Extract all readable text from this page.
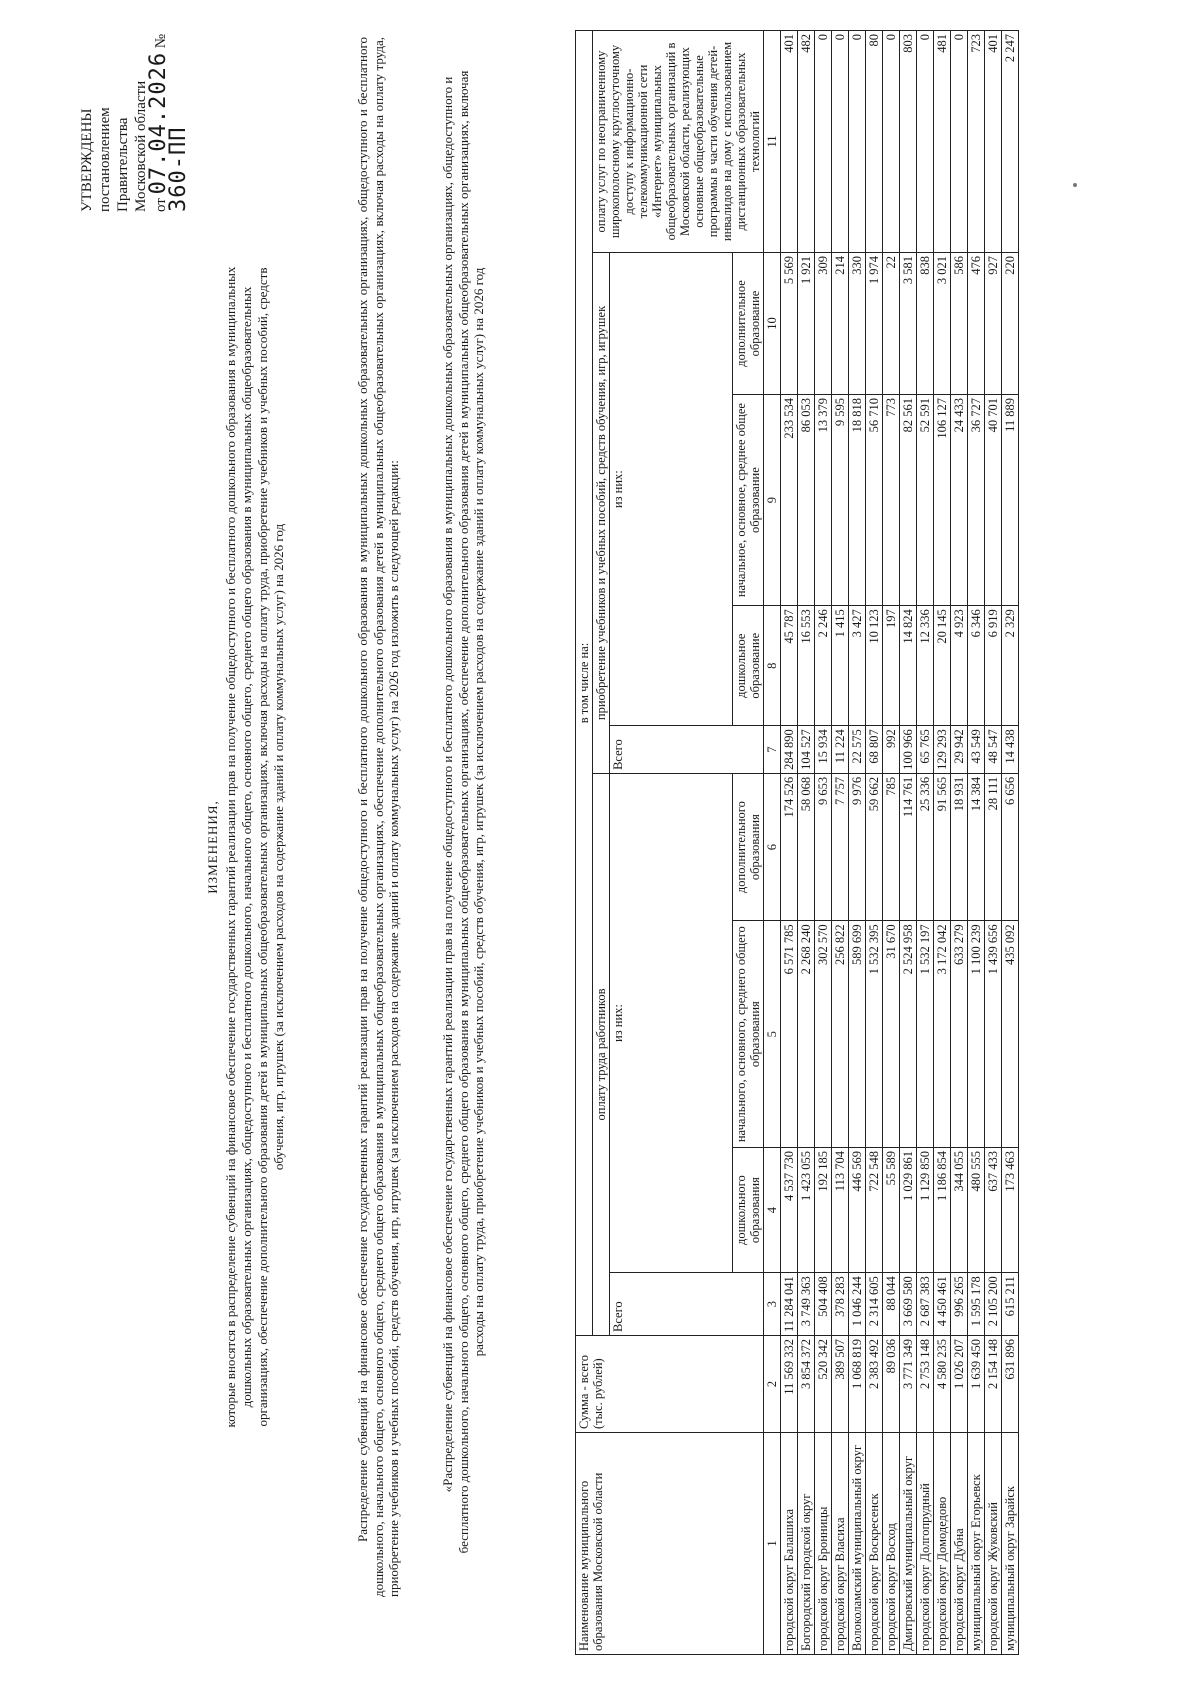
УТВЕРЖДЕНЫ постановлением Правительства Московской области от 07.04.2026 № 360-ПП
ИЗМЕНЕНИЯ, которые вносятся в распределение субвенций на финансовое обеспечение государственных гарантий реализации прав на получение общедоступного и бесплатного дошкольного образования в муниципальных дошкольных образовательных организациях, общедоступного и бесплатного дошкольного, начального общего, основного общего, среднего общего образования в муниципальных общеобразовательных организациях, обеспечение дополнительного образования детей в муниципальных общеобразовательных организациях, включая расходы на оплату труда, приобретение учебников и учебных пособий, средств обучения, игр, игрушек (за исключением расходов на содержание зданий и оплату коммунальных услуг) на 2026 год	Распределение субвенций на финансовое обеспечение государственных гарантий реализации прав на получение общедоступного и бесплатного дошкольного образования в муниципальных дошкольных образовательных организациях, общедоступного и бесплатного дошкольного, начального общего, основного общего, среднего общего образования в муниципальных общеобразовательных организациях, обеспечение дополнительного образования детей в муниципальных общеобразовательных организациях, включая расходы на оплату труда, приобретение учебников и учебных пособий, средств обучения, игр, игрушек (за исключением расходов на содержание зданий и оплату коммунальных услуг) на 2026 год изложить в следующей редакции:	«Распределение субвенций на финансовое обеспечение государственных гарантий реализации прав на получение общедоступного и бесплатного дошкольного образования в муниципальных дошкольных образовательных организациях, общедоступного и бесплатного дошкольного, начального общего, основного общего, среднего общего образования в муниципальных общеобразовательных организациях, обеспечение дополнительного образования детей в муниципальных общеобразовательных организациях, включая расходы на оплату труда, приобретение учебников и учебных пособий, средств обучения, игр, игрушек (за исключением расходов на содержание зданий и оплату коммунальных услуг) на 2026 год
Наименование муниципального образования Московской области	Сумма - всего (тыс. рублей)	в том числе на:								
		оплату труда работников				приобретение учебников и учебных пособий, средств обучения, игр, игрушек				оплату услуг по неограниченному широкополосному круглосуточному доступу к информационно-телекоммуникационной сети «Интернет» муниципальных общеобразовательных организаций в Московской области, реализующих основные общеобразовательные программы в части обучения детей-инвалидов на дому с использованием дистанционных образовательных технологий
		Всего	из них:			Всего	из них:			
			дошкольного образования	начального, основного, среднего общего образования	дополнительного образования		дошкольное образование	начальное, основное, среднее общее образование	дополнительное образование	
1	2	3	4	5	6	7	8	9	10	11
городской округ Балашиха	11 569 332	11 284 041	4 537 730	6 571 785	174 526	284 890	45 787	233 534	5 569	401
Богородский городской округ	3 854 372	3 749 363	1 423 055	2 268 240	58 068	104 527	16 553	86 053	1 921	482
городской округ Бронницы	520 342	504 408	192 185	302 570	9 653	15 934	2 246	13 379	309	0
городской округ Власиха	389 507	378 283	113 704	256 822	7 757	11 224	1 415	9 595	214	0
Волоколамский муниципальный округ	1 068 819	1 046 244	446 569	589 699	9 976	22 575	3 427	18 818	330	0
городской округ Воскресенск	2 383 492	2 314 605	722 548	1 532 395	59 662	68 807	10 123	56 710	1 974	80
городской округ Восход	89 036	88 044	55 589	31 670	785	992	197	773	22	0
Дмитровский муниципальный округ	3 771 349	3 669 580	1 029 861	2 524 958	114 761	100 966	14 824	82 561	3 581	803
городской округ Долгопрудный	2 753 148	2 687 383	1 129 850	1 532 197	25 336	65 765	12 336	52 591	838	0
городской округ Домодедово	4 580 235	4 450 461	1 186 854	3 172 042	91 565	129 293	20 145	106 127	3 021	481
городской округ Дубна	1 026 207	996 265	344 055	633 279	18 931	29 942	4 923	24 433	586	0
муниципальный округ Егорьевск	1 639 450	1 595 178	480 555	1 100 239	14 384	43 549	6 346	36 727	476	723
городской округ Жуковский	2 154 148	2 105 200	637 433	1 439 656	28 111	48 547	6 919	40 701	927	401
муниципальный округ Зарайск	631 896	615 211	173 463	435 092	6 656	14 438	2 329	11 889	220	2 247
